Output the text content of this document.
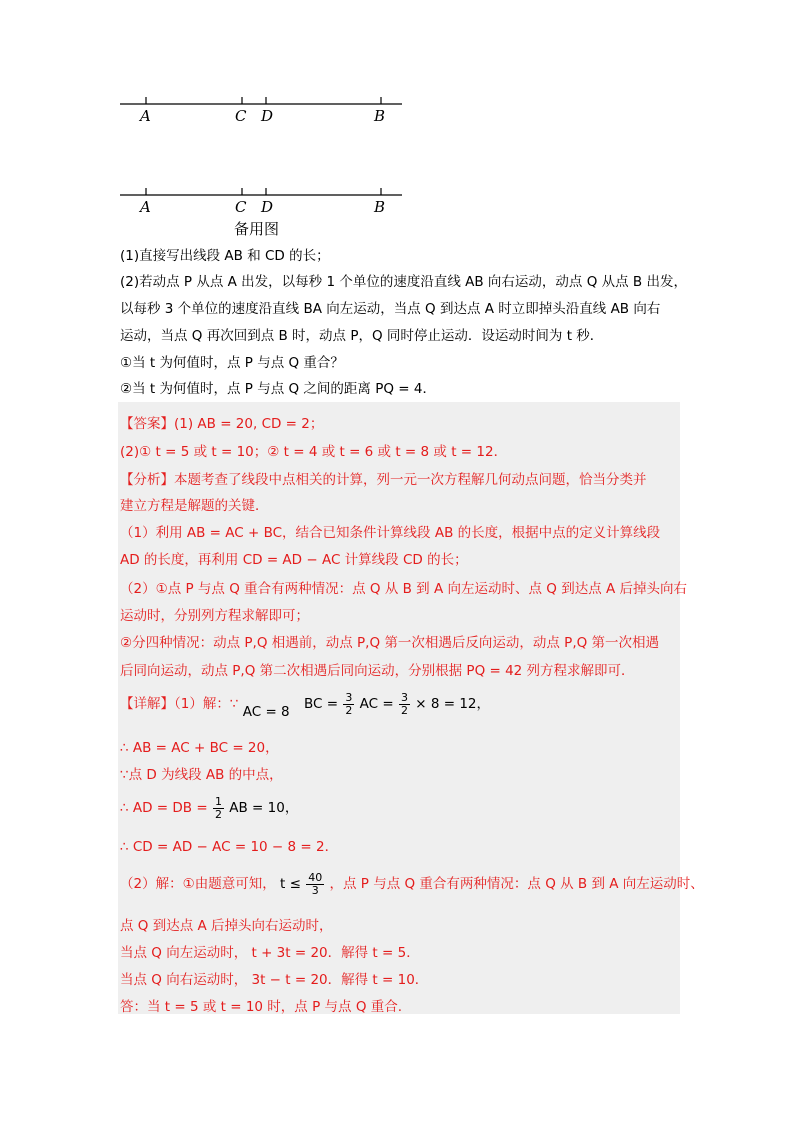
A	C D	B
A	C D	B
备用图
(1)直接写出线段 AB 和 CD 的长；
(2)若动点 P 从点 A 出发，以每秒 1 个单位的速度沿直线 AB 向右运动，动点 Q 从点 B 出发，
以每秒 3 个单位的速度沿直线 BA 向左运动，当点 Q 到达点 A 时立即掉头沿直线 AB 向右
运动，当点 Q 再次回到点 B 时，动点 P，Q 同时停止运动．设运动时间为 t 秒．
①当 t 为何值时，点 P 与点 Q 重合？
②当 t 为何值时，点 P 与点 Q 之间的距离 PQ = 4．
【答案】(1) AB = 20, CD = 2；
(2)① t = 5 或 t = 10；② t = 4 或 t = 6 或 t = 8 或 t = 12．
【分析】本题考查了线段中点相关的计算，列一元一次方程解几何动点问题，恰当分类并
建立方程是解题的关键．
（1）利用 AB = AC + BC，结合已知条件计算线段 AB 的长度，根据中点的定义计算线段
AD 的长度，再利用 CD = AD − AC 计算线段 CD 的长；
（2）①点 P 与点 Q 重合有两种情况：点 Q 从 B 到 A 向左运动时、点 Q 到达点 A 后掉头向右
运动时，分别列方程求解即可；
②分四种情况：动点 P,Q 相遇前，动点 P,Q 第一次相遇后反向运动，动点 P,Q 第一次相遇
后同向运动，动点 P,Q 第二次相遇后同向运动，分别根据 PQ = 42 列方程求解即可．
【详解】（1）解：∵ AC = 8 BC = $\frac{3}{2}$ AC = $\frac{3}{2} \times 8 = 12$，
∴ AB = AC + BC = 20，
∵点 D 为线段 AB 的中点，
∴ AD = DB = $\frac{1}{2}$ AB = 10，
∴ CD = AD − AC = 10 − 8 = 2．
（2）解：①由题意可知， $t \le \frac{40}{3}$ ，点 P 与点 Q 重合有两种情况：点 Q 从 B 到 A 向左运动时、
点 Q 到达点 A 后掉头向右运动时，
当点 Q 向左运动时， t + 3t = 20．解得 t = 5．
当点 Q 向右运动时， 3t − t = 20．解得 t = 10．
答：当 t = 5 或 t = 10 时，点 P 与点 Q 重合.
